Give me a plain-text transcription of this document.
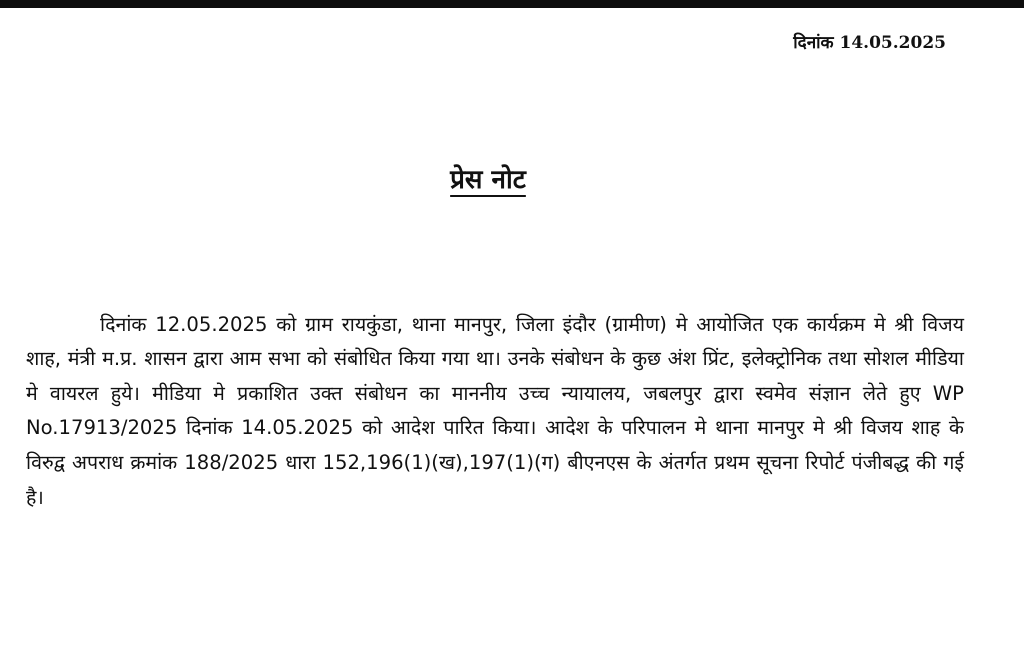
दिनांक 14.05.2025
प्रेस नोट

दिनांक 12.05.2025 को ग्राम रायकुंडा, थाना मानपुर, जिला इंदौर (ग्रामीण) मे आयोजित एक कार्यक्रम मे श्री विजय शाह, मंत्री म.प्र. शासन द्वारा आम सभा को संबोधित किया गया था। उनके संबोधन के कुछ अंश प्रिंट, इलेक्ट्रोनिक तथा सोशल मीडिया मे वायरल हुये। मीडिया मे प्रकाशित उक्त संबोधन का माननीय उच्च न्यायालय, जबलपुर द्वारा स्वमेव संज्ञान लेते हुए WP No.17913/2025 दिनांक 14.05.2025 को आदेश पारित किया। आदेश के परिपालन मे थाना मानपुर मे श्री विजय शाह के विरुद्व अपराध क्रमांक 188/2025 धारा 152,196(1)(ख),197(1)(ग) बीएनएस के अंतर्गत प्रथम सूचना रिपोर्ट पंजीबद्ध की गई है।
